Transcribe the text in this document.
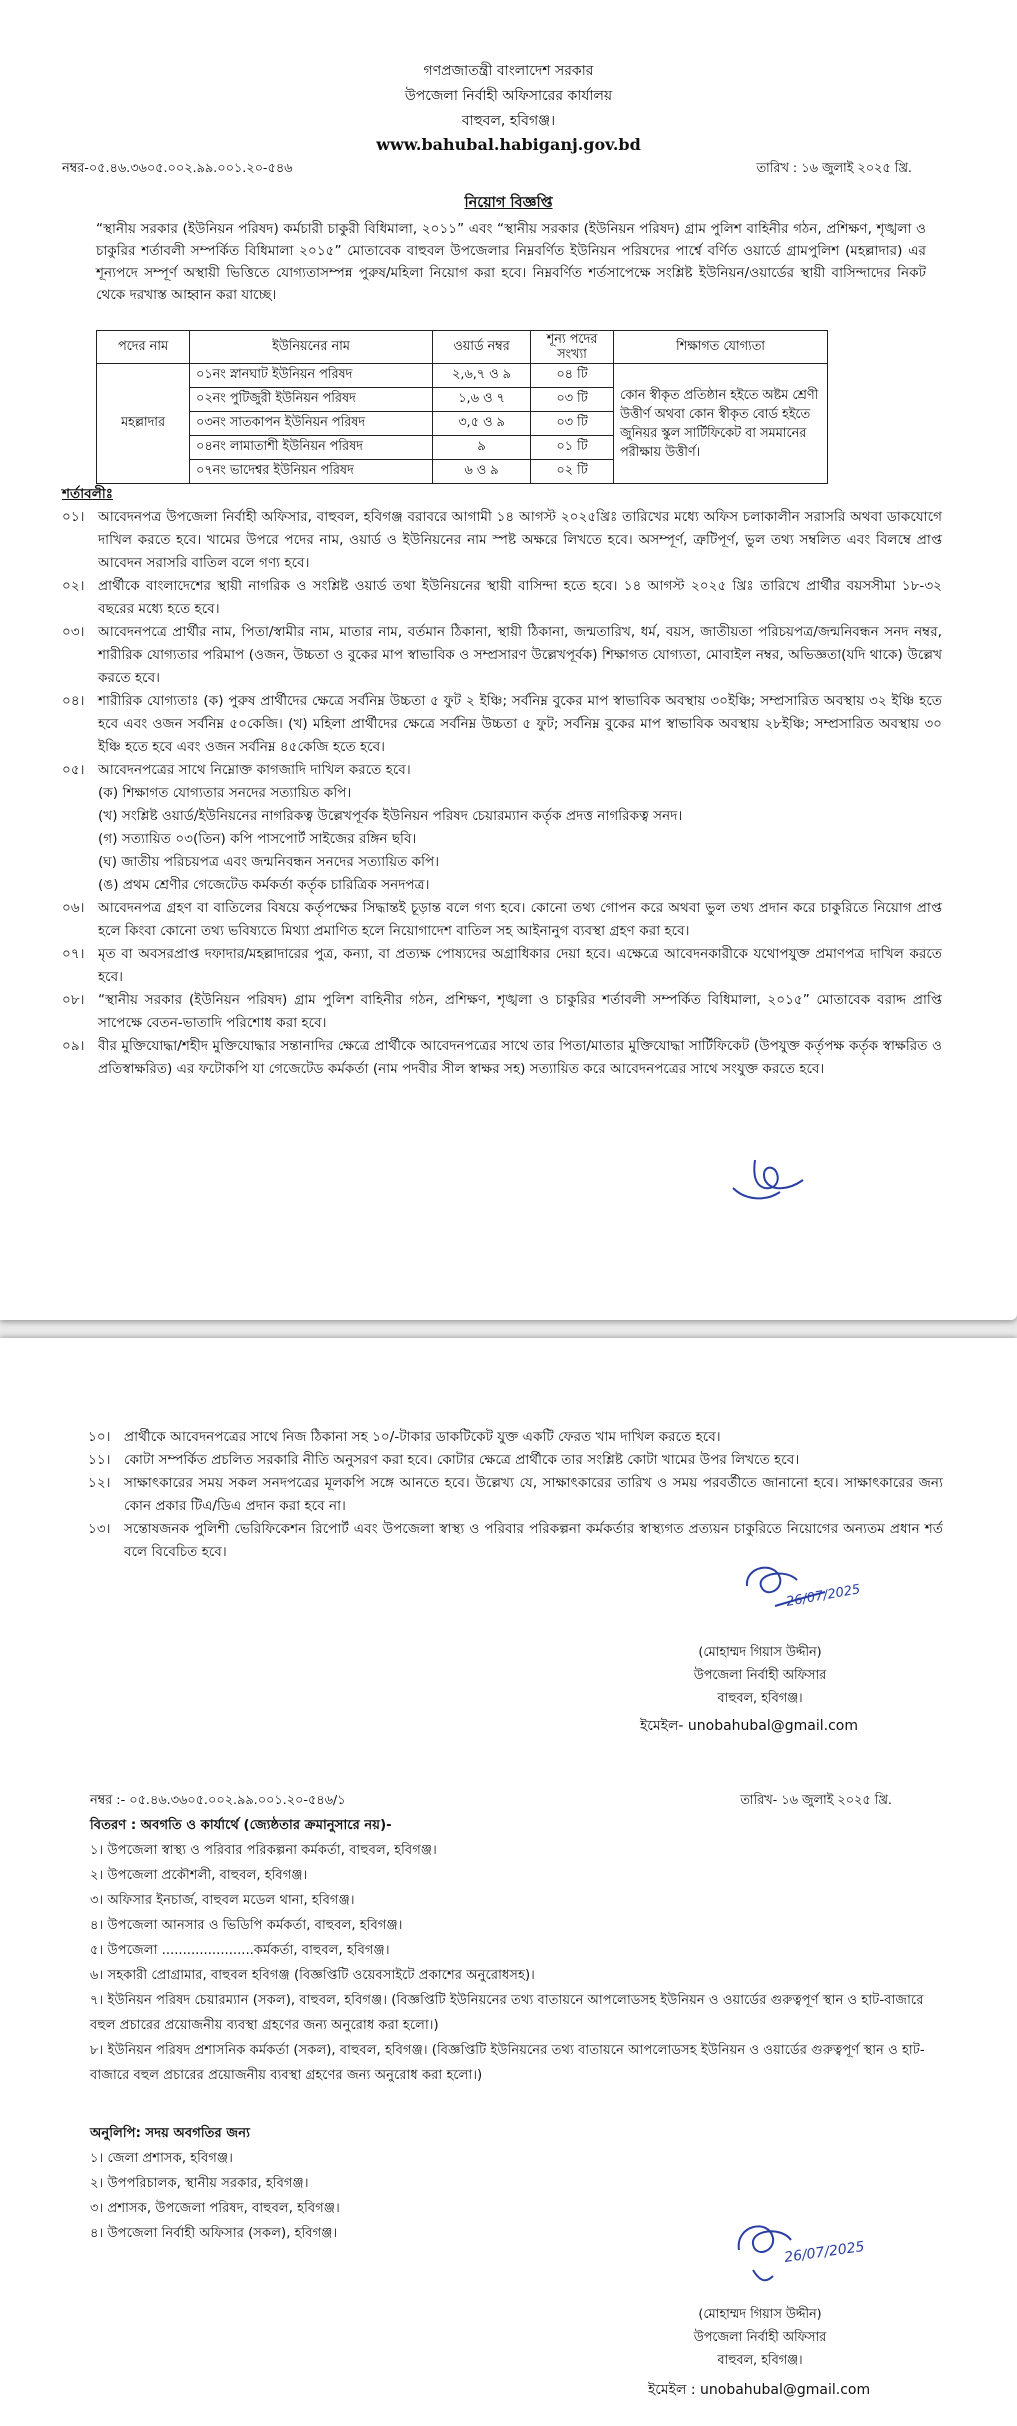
গণপ্রজাতন্ত্রী বাংলাদেশ সরকার
উপজেলা নির্বাহী অফিসারের কার্যালয়
বাহুবল, হবিগঞ্জ।
www.bahubal.habiganj.gov.bd
নম্বর-০৫.৪৬.৩৬০৫.০০২.৯৯.০০১.২০-৫৪৬	তারিখ : ১৬ জুলাই ২০২৫ খ্রি.
নিয়োগ বিজ্ঞপ্তি
“স্থানীয় সরকার (ইউনিয়ন পরিষদ) কর্মচারী চাকুরী বিধিমালা, ২০১১” এবং “স্থানীয় সরকার (ইউনিয়ন পরিষদ) গ্রাম পুলিশ বাহিনীর গঠন, প্রশিক্ষণ, শৃঙ্খলা ও চাকুরির শর্তাবলী সম্পর্কিত বিধিমালা ২০১৫” মোতাবেক বাহুবল উপজেলার নিম্নবর্ণিত ইউনিয়ন পরিষদের পার্শ্বে বর্ণিত ওয়ার্ডে গ্রামপুলিশ (মহল্লাদার) এর শূন্যপদে সম্পূর্ণ অস্থায়ী ভিত্তিতে যোগ্যতাসম্পন্ন পুরুষ/মহিলা নিয়োগ করা হবে। নিম্নবর্ণিত শর্তসাপেক্ষে সংশ্লিষ্ট ইউনিয়ন/ওয়ার্ডের স্থায়ী বাসিন্দাদের নিকট থেকে দরখাস্ত আহ্বান করা যাচ্ছে।
পদের নাম	ইউনিয়নের নাম	ওয়ার্ড নম্বর	শূন্য পদের সংখ্যা	শিক্ষাগত যোগ্যতা
মহল্লাদার	০১নং স্নানঘাট ইউনিয়ন পরিষদ	২,৬,৭ ও ৯	০৪ টি	কোন স্বীকৃত প্রতিষ্ঠান হইতে অষ্টম শ্রেণী উত্তীর্ণ অথবা কোন স্বীকৃত বোর্ড হইতে জুনিয়র স্কুল সার্টিফিকেট বা সমমানের পরীক্ষায় উত্তীর্ণ।
	০২নং পুটিজুরী ইউনিয়ন পরিষদ	১,৬ ও ৭	০৩ টি	
	০৩নং সাতকাপন ইউনিয়ন পরিষদ	৩,৫ ও ৯	০৩ টি	
	০৪নং লামাতাশী ইউনিয়ন পরিষদ	৯	০১ টি	
	০৭নং ভাদেশ্বর ইউনিয়ন পরিষদ	৬ ও ৯	০২ টি	
শর্তাবলীঃ
০১। আবেদনপত্র উপজেলা নির্বাহী অফিসার, বাহুবল, হবিগঞ্জ বরাবরে আগামী ১৪ আগস্ট ২০২৫খ্রিঃ তারিখের মধ্যে অফিস চলাকালীন সরাসরি অথবা ডাকযোগে দাখিল করতে হবে। খামের উপরে পদের নাম, ওয়ার্ড ও ইউনিয়নের নাম স্পষ্ট অক্ষরে লিখতে হবে। অসম্পূর্ণ, ত্রুটিপূর্ণ, ভুল তথ্য সম্বলিত এবং বিলম্বে প্রাপ্ত আবেদন সরাসরি বাতিল বলে গণ্য হবে।
০২। প্রার্থীকে বাংলাদেশের স্থায়ী নাগরিক ও সংশ্লিষ্ট ওয়ার্ড তথা ইউনিয়নের স্থায়ী বাসিন্দা হতে হবে। ১৪ আগস্ট ২০২৫ খ্রিঃ তারিখে প্রার্থীর বয়সসীমা ১৮-৩২ বছরের মধ্যে হতে হবে।
০৩। আবেদনপত্রে প্রার্থীর নাম, পিতা/স্বামীর নাম, মাতার নাম, বর্তমান ঠিকানা, স্থায়ী ঠিকানা, জন্মতারিখ, ধর্ম, বয়স, জাতীয়তা পরিচয়পত্র/জন্মনিবন্ধন সনদ নম্বর, শারীরিক যোগ্যতার পরিমাপ (ওজন, উচ্চতা ও বুকের মাপ স্বাভাবিক ও সম্প্রসারণ উল্লেখপূর্বক) শিক্ষাগত যোগ্যতা, মোবাইল নম্বর, অভিজ্ঞতা(যদি থাকে) উল্লেখ করতে হবে।
০৪। শারীরিক যোগ্যতাঃ (ক) পুরুষ প্রার্থীদের ক্ষেত্রে সর্বনিম্ন উচ্চতা ৫ ফুট ২ ইঞ্চি; সর্বনিম্ন বুকের মাপ স্বাভাবিক অবস্থায় ৩০ইঞ্চি; সম্প্রসারিত অবস্থায় ৩২ ইঞ্চি হতে হবে এবং ওজন সর্বনিম্ন ৫০কেজি। (খ) মহিলা প্রার্থীদের ক্ষেত্রে সর্বনিম্ন উচ্চতা ৫ ফুট; সর্বনিম্ন বুকের মাপ স্বাভাবিক অবস্থায় ২৮ইঞ্চি; সম্প্রসারিত অবস্থায় ৩০ ইঞ্চি হতে হবে এবং ওজন সর্বনিম্ন ৪৫কেজি হতে হবে।
০৫। আবেদনপত্রের সাথে নিম্নোক্ত কাগজাদি দাখিল করতে হবে।
(ক) শিক্ষাগত যোগ্যতার সনদের সত্যায়িত কপি।
(খ) সংশ্লিষ্ট ওয়ার্ড/ইউনিয়নের নাগরিকত্ব উল্লেখপূর্বক ইউনিয়ন পরিষদ চেয়ারম্যান কর্তৃক প্রদত্ত নাগরিকত্ব সনদ।
(গ) সত্যায়িত ০৩(তিন) কপি পাসপোর্ট সাইজের রঙ্গিন ছবি।
(ঘ) জাতীয় পরিচয়পত্র এবং জন্মনিবন্ধন সনদের সত্যায়িত কপি।
(ঙ) প্রথম শ্রেণীর গেজেটেড কর্মকর্তা কর্তৃক চারিত্রিক সনদপত্র।
০৬। আবেদনপত্র গ্রহণ বা বাতিলের বিষয়ে কর্তৃপক্ষের সিদ্ধান্তই চূড়ান্ত বলে গণ্য হবে। কোনো তথ্য গোপন করে অথবা ভুল তথ্য প্রদান করে চাকুরিতে নিয়োগ প্রাপ্ত হলে কিংবা কোনো তথ্য ভবিষ্যতে মিথ্যা প্রমাণিত হলে নিয়োগাদেশ বাতিল সহ আইনানুগ ব্যবস্থা গ্রহণ করা হবে।
০৭। মৃত বা অবসরপ্রাপ্ত দফাদার/মহল্লাদারের পুত্র, কন্যা, বা প্রত্যক্ষ পোষ্যদের অগ্রাধিকার দেয়া হবে। এক্ষেত্রে আবেদনকারীকে যথোপযুক্ত প্রমাণপত্র দাখিল করতে হবে।
০৮। “স্থানীয় সরকার (ইউনিয়ন পরিষদ) গ্রাম পুলিশ বাহিনীর গঠন, প্রশিক্ষণ, শৃঙ্খলা ও চাকুরির শর্তাবলী সম্পর্কিত বিধিমালা, ২০১৫” মোতাবেক বরাদ্দ প্রাপ্তি সাপেক্ষে বেতন-ভাতাদি পরিশোধ করা হবে।
০৯। বীর মুক্তিযোদ্ধা/শহীদ মুক্তিযোদ্ধার সন্তানাদির ক্ষেত্রে প্রার্থীকে আবেদনপত্রের সাথে তার পিতা/মাতার মুক্তিযোদ্ধা সার্টিফিকেট (উপযুক্ত কর্তৃপক্ষ কর্তৃক স্বাক্ষরিত ও প্রতিস্বাক্ষরিত) এর ফটোকপি যা গেজেটেড কর্মকর্তা (নাম পদবীর সীল স্বাক্ষর সহ) সত্যায়িত করে আবেদনপত্রের সাথে সংযুক্ত করতে হবে।
১০। প্রার্থীকে আবেদনপত্রের সাথে নিজ ঠিকানা সহ ১০/-টাকার ডাকটিকেট যুক্ত একটি ফেরত খাম দাখিল করতে হবে।
১১। কোটা সম্পর্কিত প্রচলিত সরকারি নীতি অনুসরণ করা হবে। কোটার ক্ষেত্রে প্রার্থীকে তার সংশ্লিষ্ট কোটা খামের উপর লিখতে হবে।
১২। সাক্ষাৎকারের সময় সকল সনদপত্রের মূলকপি সঙ্গে আনতে হবে। উল্লেখ্য যে, সাক্ষাৎকারের তারিখ ও সময় পরবর্তীতে জানানো হবে। সাক্ষাৎকারের জন্য কোন প্রকার টিএ/ডিএ প্রদান করা হবে না।
১৩। সন্তোষজনক পুলিশী ভেরিফিকেশন রিপোর্ট এবং উপজেলা স্বাস্থ্য ও পরিবার পরিকল্পনা কর্মকর্তার স্বাস্থ্যগত প্রত্যয়ন চাকুরিতে নিয়োগের অন্যতম প্রধান শর্ত বলে বিবেচিত হবে।
26/07/2025
(মোহাম্মদ গিয়াস উদ্দীন)
উপজেলা নির্বাহী অফিসার
বাহুবল, হবিগঞ্জ।
ইমেইল- unobahubal@gmail.com
নম্বর :- ০৫.৪৬.৩৬০৫.০০২.৯৯.০০১.২০-৫৪৬/১	তারিখ- ১৬ জুলাই ২০২৫ খ্রি.
বিতরণ : অবগতি ও কার্যার্থে (জ্যেষ্ঠতার ক্রমানুসারে নয়)-
১। উপজেলা স্বাস্থ্য ও পরিবার পরিকল্পনা কর্মকর্তা, বাহুবল, হবিগঞ্জ।
২। উপজেলা প্রকৌশলী, বাহুবল, হবিগঞ্জ।
৩। অফিসার ইনচার্জ, বাহুবল মডেল থানা, হবিগঞ্জ।
৪। উপজেলা আনসার ও ভিডিপি কর্মকর্তা, বাহুবল, হবিগঞ্জ।
৫। উপজেলা ......................কর্মকর্তা, বাহুবল, হবিগঞ্জ।
৬। সহকারী প্রোগ্রামার, বাহুবল হবিগঞ্জ (বিজ্ঞপ্তিটি ওয়েবসাইটে প্রকাশের অনুরোধসহ)।
৭। ইউনিয়ন পরিষদ চেয়ারম্যান (সকল), বাহুবল, হবিগঞ্জ। (বিজ্ঞপ্তিটি ইউনিয়নের তথ্য বাতায়নে আপলোডসহ ইউনিয়ন ও ওয়ার্ডের গুরুত্বপূর্ণ স্থান ও হাট-বাজারে বহুল প্রচারের প্রয়োজনীয় ব্যবস্থা গ্রহণের জন্য অনুরোধ করা হলো।)
৮। ইউনিয়ন পরিষদ প্রশাসনিক কর্মকর্তা (সকল), বাহুবল, হবিগঞ্জ। (বিজ্ঞপ্তিটি ইউনিয়নের তথ্য বাতায়নে আপলোডসহ ইউনিয়ন ও ওয়ার্ডের গুরুত্বপূর্ণ স্থান ও হাট-বাজারে বহুল প্রচারের প্রয়োজনীয় ব্যবস্থা গ্রহণের জন্য অনুরোধ করা হলো।)
অনুলিপি: সদয় অবগতির জন্য
১। জেলা প্রশাসক, হবিগঞ্জ।
২। উপপরিচালক, স্থানীয় সরকার, হবিগঞ্জ।
৩। প্রশাসক, উপজেলা পরিষদ, বাহুবল, হবিগঞ্জ।
৪। উপজেলা নির্বাহী অফিসার (সকল), হবিগঞ্জ।
26/07/2025
(মোহাম্মদ গিয়াস উদ্দীন)
উপজেলা নির্বাহী অফিসার
বাহুবল, হবিগঞ্জ।
ইমেইল : unobahubal@gmail.com
